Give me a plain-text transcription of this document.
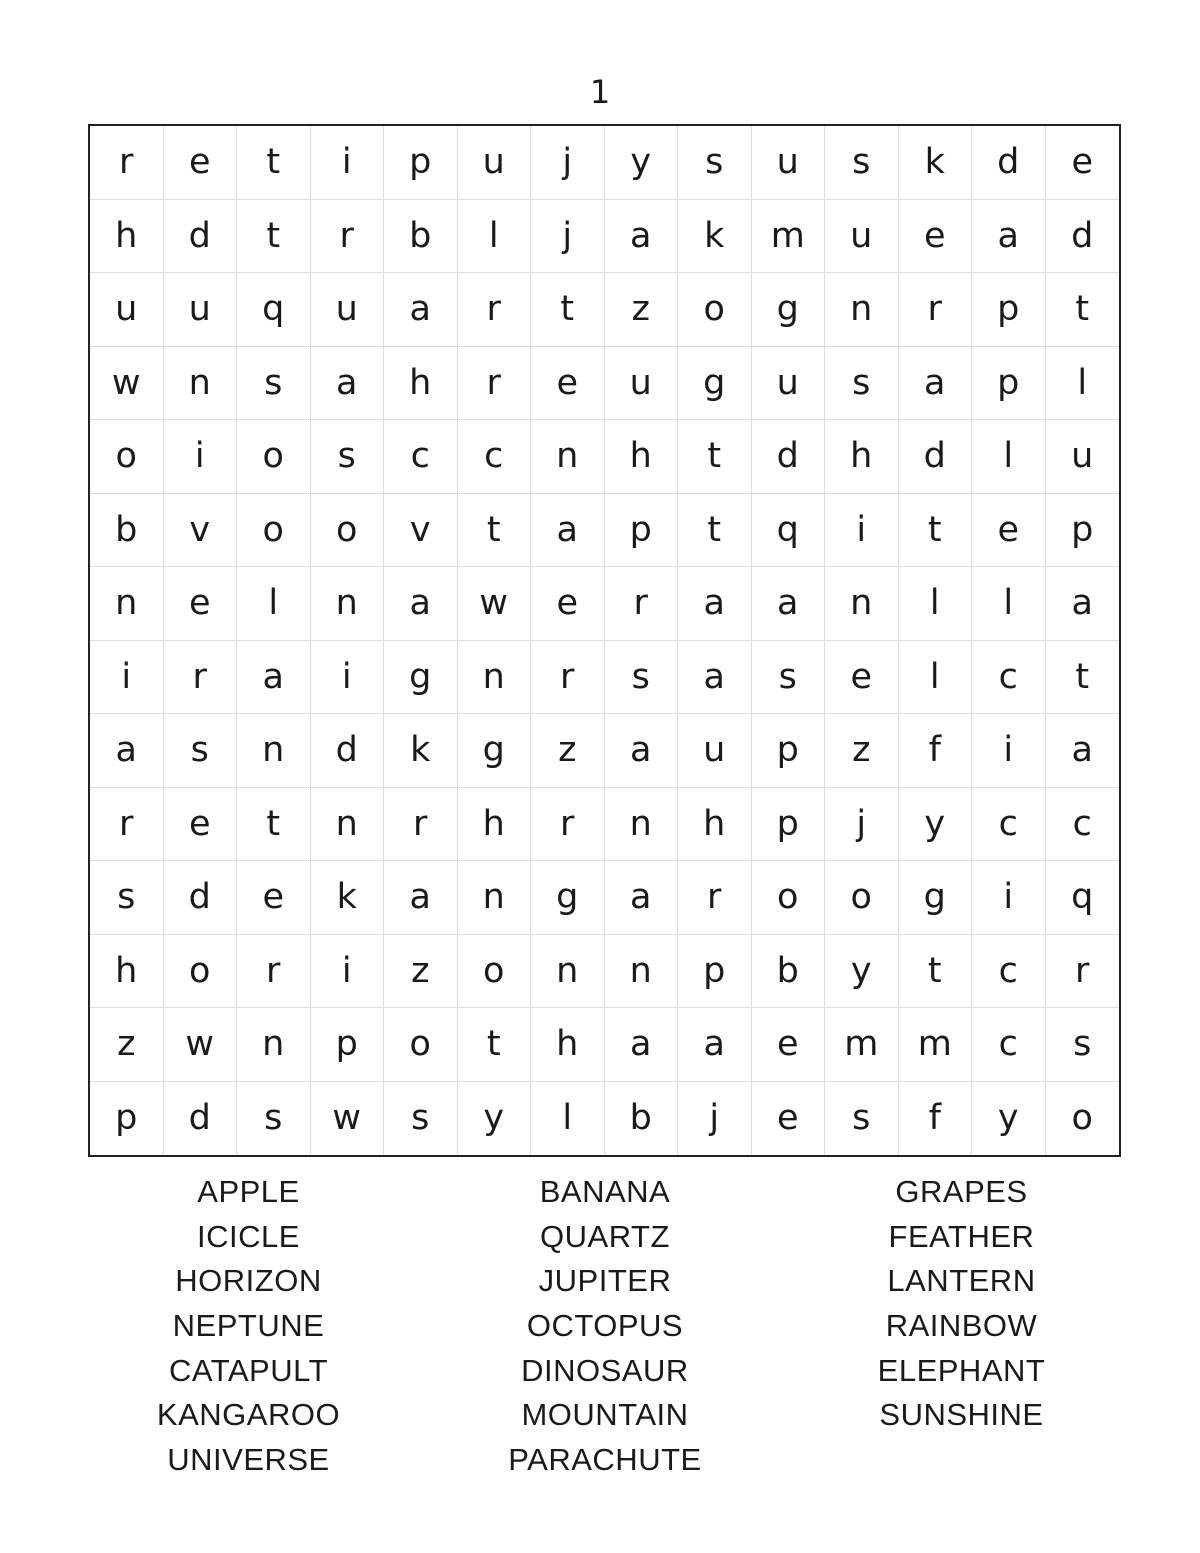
1
r	e	t	i	p	u	j	y	s	u	s	k	d	e
h	d	t	r	b	l	j	a	k	m	u	e	a	d
u	u	q	u	a	r	t	z	o	g	n	r	p	t
w	n	s	a	h	r	e	u	g	u	s	a	p	l
o	i	o	s	c	c	n	h	t	d	h	d	l	u
b	v	o	o	v	t	a	p	t	q	i	t	e	p
n	e	l	n	a	w	e	r	a	a	n	l	l	a
i	r	a	i	g	n	r	s	a	s	e	l	c	t
a	s	n	d	k	g	z	a	u	p	z	f	i	a
r	e	t	n	r	h	r	n	h	p	j	y	c	c
s	d	e	k	a	n	g	a	r	o	o	g	i	q
h	o	r	i	z	o	n	n	p	b	y	t	c	r
z	w	n	p	o	t	h	a	a	e	m	m	c	s
p	d	s	w	s	y	l	b	j	e	s	f	y	o
APPLE
ICICLE
HORIZON
NEPTUNE
CATAPULT
KANGAROO
UNIVERSE
BANANA
QUARTZ
JUPITER
OCTOPUS
DINOSAUR
MOUNTAIN
PARACHUTE
GRAPES
FEATHER
LANTERN
RAINBOW
ELEPHANT
SUNSHINE
